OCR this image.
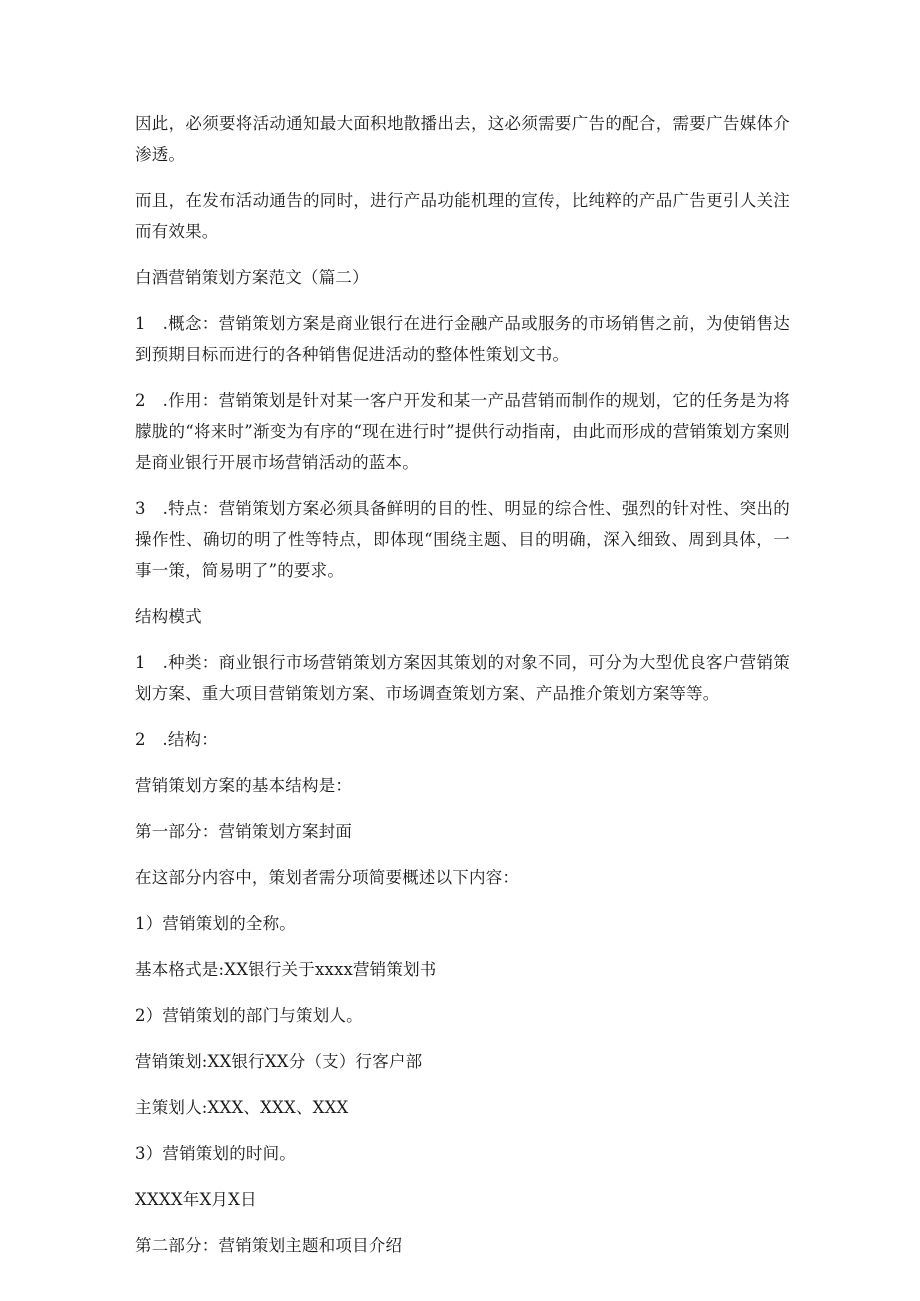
因此，必须要将活动通知最大面积地散播出去，这必须需要广告的配合，需要广告媒体介渗透。

而且，在发布活动通告的同时，进行产品功能机理的宣传，比纯粹的产品广告更引人关注而有效果。

白酒营销策划方案范文（篇二）

1　.概念：营销策划方案是商业银行在进行金融产品或服务的市场销售之前，为使销售达到预期目标而进行的各种销售促进活动的整体性策划文书。

2　.作用：营销策划是针对某一客户开发和某一产品营销而制作的规划，它的任务是为将朦胧的“将来时”渐变为有序的“现在进行时”提供行动指南，由此而形成的营销策划方案则是商业银行开展市场营销活动的蓝本。

3　.特点：营销策划方案必须具备鲜明的目的性、明显的综合性、强烈的针对性、突出的操作性、确切的明了性等特点，即体现“围绕主题、目的明确，深入细致、周到具体，一事一策，简易明了”的要求。

结构模式

1　.种类：商业银行市场营销策划方案因其策划的对象不同，可分为大型优良客户营销策划方案、重大项目营销策划方案、市场调查策划方案、产品推介策划方案等等。

2　.结构：

营销策划方案的基本结构是：

第一部分：营销策划方案封面

在这部分内容中，策划者需分项简要概述以下内容：

1）营销策划的全称。

基本格式是:XX银行关于xxxx营销策划书

2）营销策划的部门与策划人。

营销策划:XX银行XX分（支）行客户部

主策划人:XXX、XXX、XXX

3）营销策划的时间。

XXXX年X月X日

第二部分：营销策划主题和项目介绍
